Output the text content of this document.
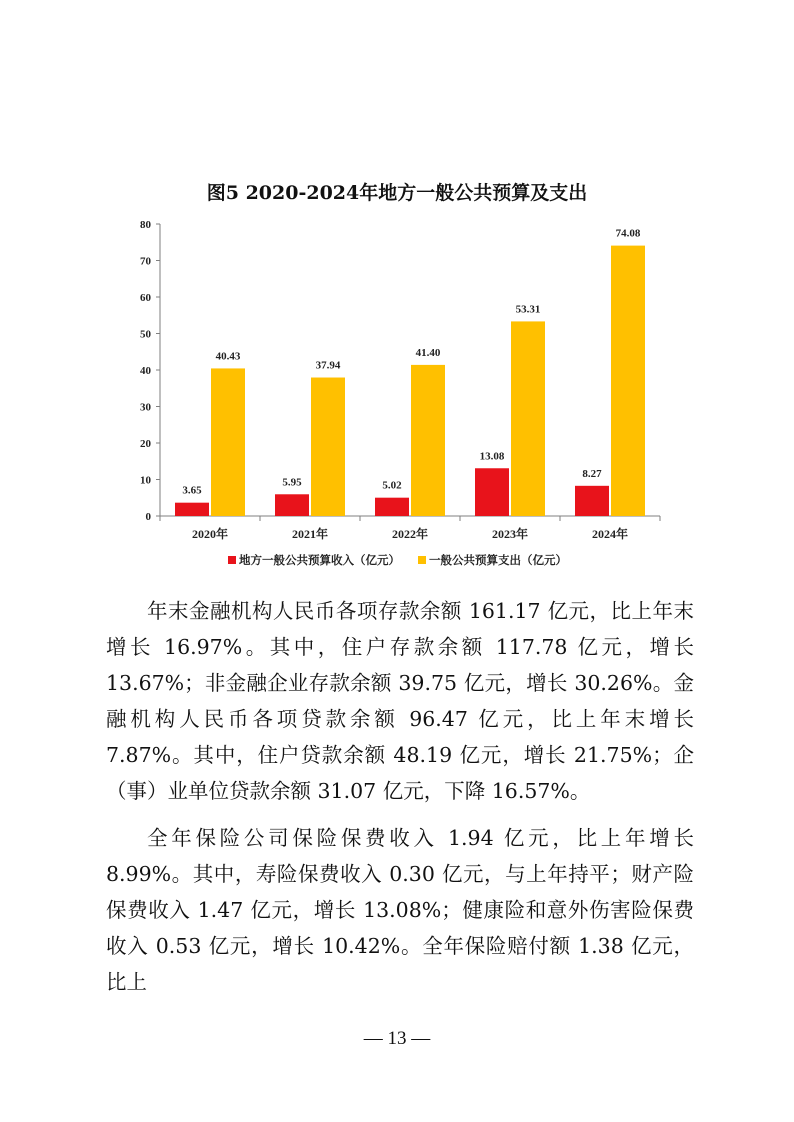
图5 2020-2024年地方一般公共预算及支出
0
10
20
30
40
50
60
70
80
2020年
3.65
40.43
2021年
5.95
37.94
2022年
5.02
41.40
2023年
13.08
53.31
2024年
8.27
74.08
地方一般公共预算收入（亿元）	一般公共预算支出（亿元）

年末金融机构人民币各项存款余额 161.17 亿元，比上年末增长 16.97%。其中，住户存款余额 117.78 亿元，增长 13.67%；非金融企业存款余额 39.75 亿元，增长 30.26%。金融机构人民币各项贷款余额 96.47 亿元，比上年末增长 7.87%。其中，住户贷款余额 48.19 亿元，增长 21.75%；企（事）业单位贷款余额 31.07 亿元，下降 16.57%。

全年保险公司保险保费收入 1.94 亿元，比上年增长 8.99%。其中，寿险保费收入 0.30 亿元，与上年持平；财产险保费收入 1.47 亿元，增长 13.08%；健康险和意外伤害险保费收入 0.53 亿元，增长 10.42%。全年保险赔付额 1.38 亿元，比上

— 13 —
